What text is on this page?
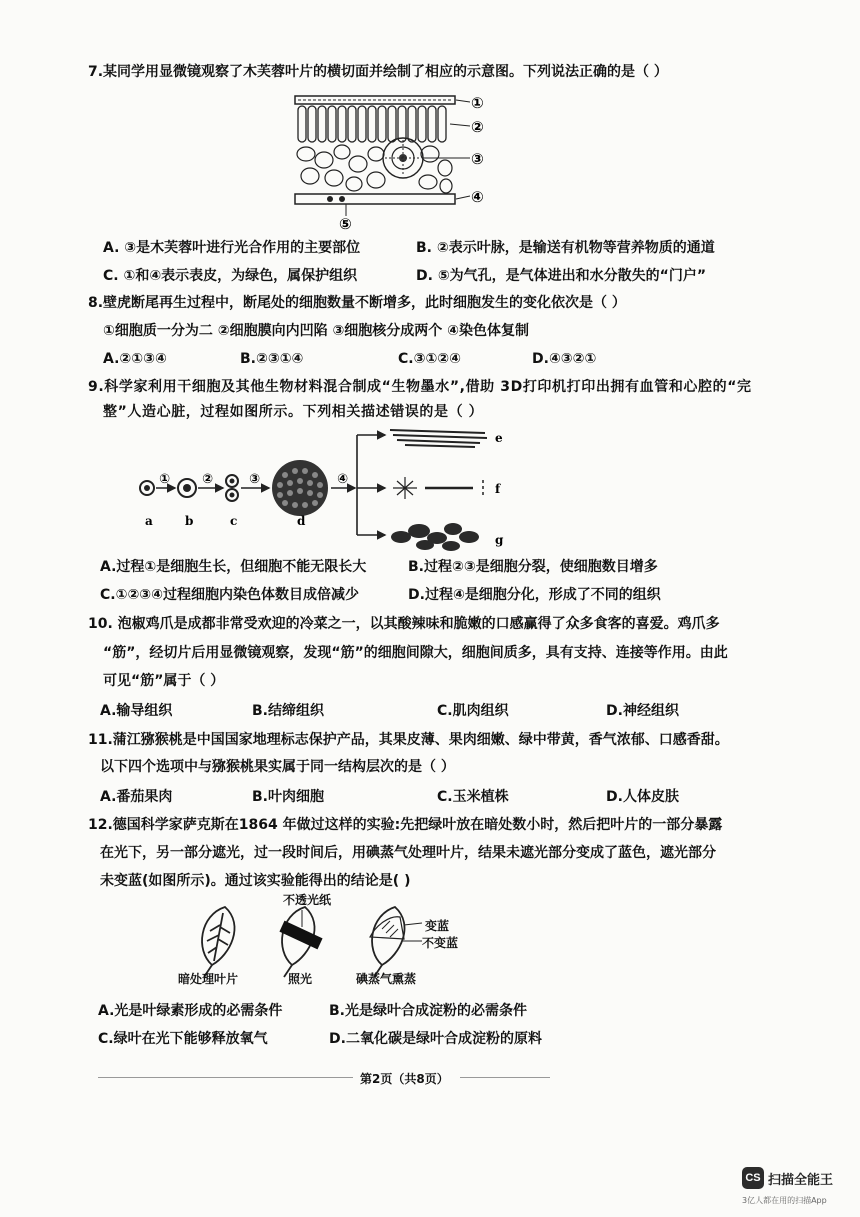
7.某同学用显微镜观察了木芙蓉叶片的横切面并绘制了相应的示意图。下列说法正确的是（ ）
①
②
③
④
⑤
A. ③是木芙蓉叶进行光合作用的主要部位	B. ②表示叶脉，是输送有机物等营养物质的通道
C. ①和④表示表皮，为绿色，属保护组织	D. ⑤为气孔，是气体进出和水分散失的“门户”
8.壁虎断尾再生过程中，断尾处的细胞数量不断增多，此时细胞发生的变化依次是（ ）
①细胞质一分为二 ②细胞膜向内凹陷 ③细胞核分成两个 ④染色体复制
A.②①③④	B.②③①④	C.③①②④	D.④③②①
9.科学家利用干细胞及其他生物材料混合制成“生物墨水”,借助 3D打印机打印出拥有血管和心腔的“完
整”人造心脏，过程如图所示。下列相关描述错误的是（ ）
① ②	③	④
e
f
g
a	b	c	d
A.过程①是细胞生长，但细胞不能无限长大	B.过程②③是细胞分裂，使细胞数目增多
C.①②③④过程细胞内染色体数目成倍减少	D.过程④是细胞分化，形成了不同的组织
10. 泡椒鸡爪是成都非常受欢迎的冷菜之一，以其酸辣味和脆嫩的口感赢得了众多食客的喜爱。鸡爪多
“筋”，经切片后用显微镜观察，发现“筋”的细胞间隙大，细胞间质多，具有支持、连接等作用。由此
可见“筋”属于（ ）
A.输导组织	B.结缔组织	C.肌肉组织	D.神经组织
11.蒲江猕猴桃是中国国家地理标志保护产品，其果皮薄、果肉细嫩、绿中带黄，香气浓郁、口感香甜。
以下四个选项中与猕猴桃果实属于同一结构层次的是（ ）
A.番茄果肉	B.叶肉细胞	C.玉米植株	D.人体皮肤
12.德国科学家萨克斯在1864 年做过这样的实验:先把绿叶放在暗处数小时，然后把叶片的一部分暴露
在光下，另一部分遮光，过一段时间后，用碘蒸气处理叶片，结果未遮光部分变成了蓝色，遮光部分
未变蓝(如图所示)。通过该实验能得出的结论是( )
不透光纸
变蓝
不变蓝
暗处理叶片	照光	碘蒸气熏蒸
A.光是叶绿素形成的必需条件	B.光是绿叶合成淀粉的必需条件
C.绿叶在光下能够释放氧气	D.二氧化碳是绿叶合成淀粉的原料
第2页（共8页）
CS 扫描全能王
3亿人都在用的扫描App
